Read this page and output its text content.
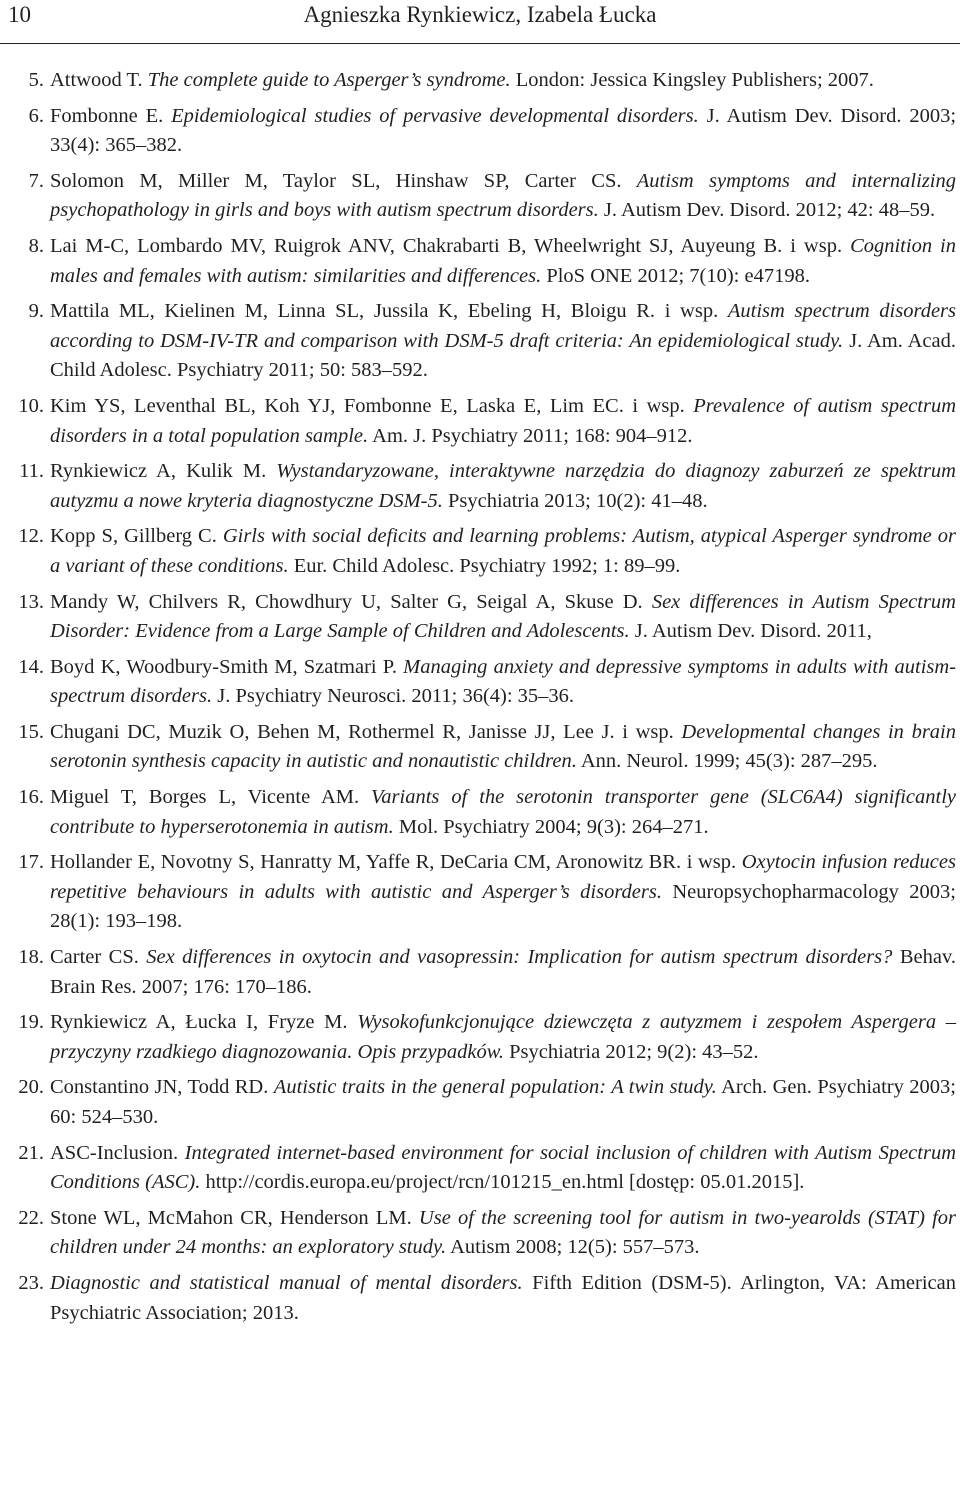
10	Agnieszka Rynkiewicz, Izabela Łucka
5. Attwood T. The complete guide to Asperger’s syndrome. London: Jessica Kingsley Publishers; 2007.
6. Fombonne E. Epidemiological studies of pervasive developmental disorders. J. Autism Dev. Disord. 2003; 33(4): 365–382.
7. Solomon M, Miller M, Taylor SL, Hinshaw SP, Carter CS. Autism symptoms and internalizing psychopathology in girls and boys with autism spectrum disorders. J. Autism Dev. Disord. 2012; 42: 48–59.
8. Lai M-C, Lombardo MV, Ruigrok ANV, Chakrabarti B, Wheelwright SJ, Auyeung B. i wsp. Cognition in males and females with autism: similarities and differences. PloS ONE 2012; 7(10): e47198.
9. Mattila ML, Kielinen M, Linna SL, Jussila K, Ebeling H, Bloigu R. i wsp. Autism spectrum disorders according to DSM-IV-TR and comparison with DSM-5 draft criteria: An epidemiological study. J. Am. Acad. Child Adolesc. Psychiatry 2011; 50: 583–592.
10. Kim YS, Leventhal BL, Koh YJ, Fombonne E, Laska E, Lim EC. i wsp. Prevalence of autism spectrum disorders in a total population sample. Am. J. Psychiatry 2011; 168: 904–912.
11. Rynkiewicz A, Kulik M. Wystandaryzowane, interaktywne narzędzia do diagnozy zaburzeń ze spektrum autyzmu a nowe kryteria diagnostyczne DSM-5. Psychiatria 2013; 10(2): 41–48.
12. Kopp S, Gillberg C. Girls with social deficits and learning problems: Autism, atypical Asperger syndrome or a variant of these conditions. Eur. Child Adolesc. Psychiatry 1992; 1: 89–99.
13. Mandy W, Chilvers R, Chowdhury U, Salter G, Seigal A, Skuse D. Sex differences in Autism Spectrum Disorder: Evidence from a Large Sample of Children and Adolescents. J. Autism Dev. Disord. 2011,
14. Boyd K, Woodbury-Smith M, Szatmari P. Managing anxiety and depressive symptoms in adults with autism-spectrum disorders. J. Psychiatry Neurosci. 2011; 36(4): 35–36.
15. Chugani DC, Muzik O, Behen M, Rothermel R, Janisse JJ, Lee J. i wsp. Developmental changes in brain serotonin synthesis capacity in autistic and nonautistic children. Ann. Neurol. 1999; 45(3): 287–295.
16. Miguel T, Borges L, Vicente AM. Variants of the serotonin transporter gene (SLC6A4) significantly contribute to hyperserotonemia in autism. Mol. Psychiatry 2004; 9(3): 264–271.
17. Hollander E, Novotny S, Hanratty M, Yaffe R, DeCaria CM, Aronowitz BR. i wsp. Oxytocin infusion reduces repetitive behaviours in adults with autistic and Asperger’s disorders. Neuropsychopharmacology 2003; 28(1): 193–198.
18. Carter CS. Sex differences in oxytocin and vasopressin: Implication for autism spectrum disorders? Behav. Brain Res. 2007; 176: 170–186.
19. Rynkiewicz A, Łucka I, Fryze M. Wysokofunkcjonujące dziewczęta z autyzmem i zespołem Aspergera – przyczyny rzadkiego diagnozowania. Opis przypadków. Psychiatria 2012; 9(2): 43–52.
20. Constantino JN, Todd RD. Autistic traits in the general population: A twin study. Arch. Gen. Psychiatry 2003; 60: 524–530.
21. ASC-Inclusion. Integrated internet-based environment for social inclusion of children with Autism Spectrum Conditions (ASC). http://cordis.europa.eu/project/rcn/101215_en.html [dostęp: 05.01.2015].
22. Stone WL, McMahon CR, Henderson LM. Use of the screening tool for autism in two-yearolds (STAT) for children under 24 months: an exploratory study. Autism 2008; 12(5): 557–573.
23. Diagnostic and statistical manual of mental disorders. Fifth Edition (DSM-5). Arlington, VA: American Psychiatric Association; 2013.
